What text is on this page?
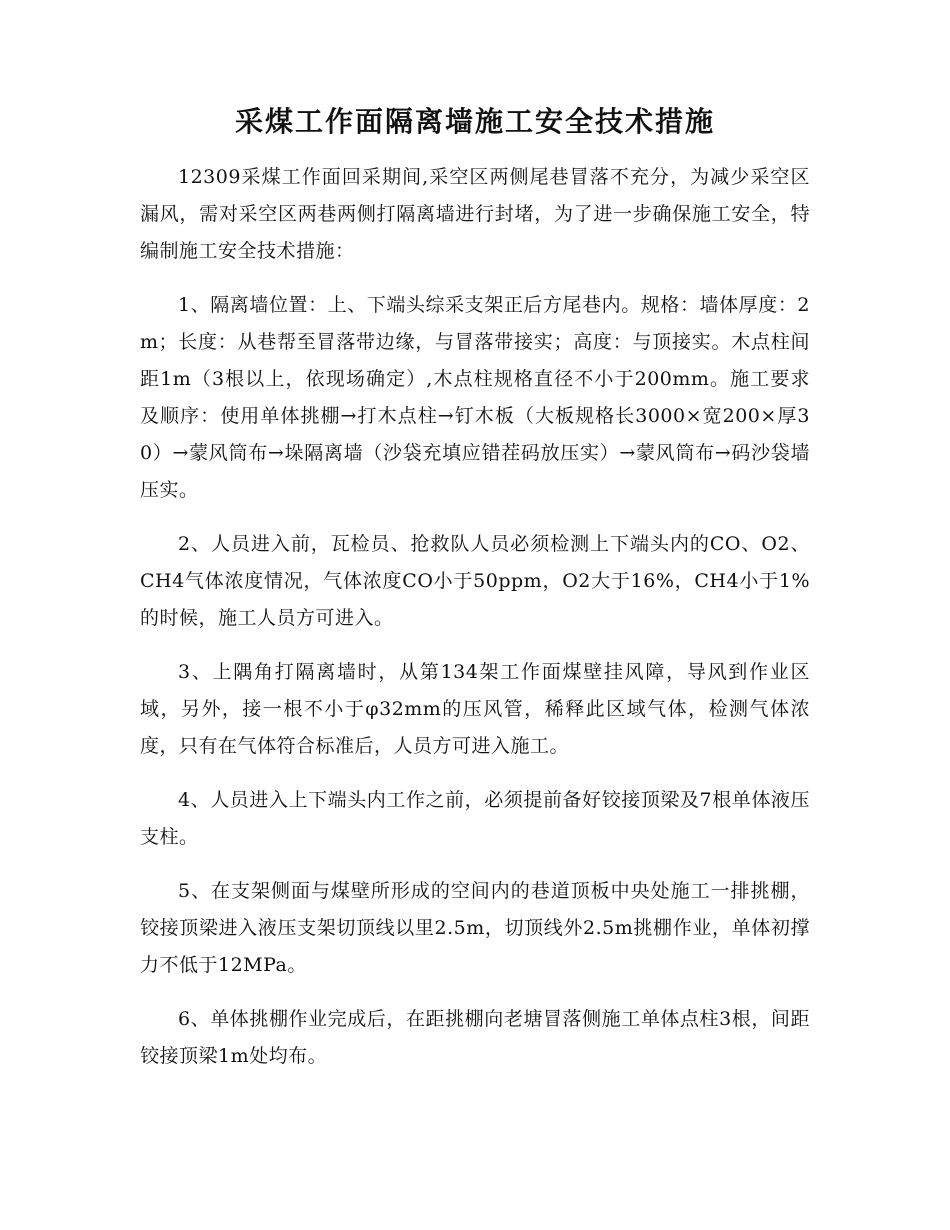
采煤工作面隔离墙施工安全技术措施

12309采煤工作面回采期间,采空区两侧尾巷冒落不充分，为减少采空区漏风，需对采空区两巷两侧打隔离墙进行封堵，为了进一步确保施工安全，特编制施工安全技术措施：

1、隔离墙位置：上、下端头综采支架正后方尾巷内。规格：墙体厚度：2m；长度：从巷帮至冒落带边缘，与冒落带接实；高度：与顶接实。木点柱间距1m（3根以上，依现场确定）,木点柱规格直径不小于200mm。施工要求及顺序：使用单体挑棚→打木点柱→钉木板（大板规格长3000×宽200×厚30）→蒙风筒布→垛隔离墙（沙袋充填应错茬码放压实）→蒙风筒布→码沙袋墙压实。

2、人员进入前，瓦检员、抢救队人员必须检测上下端头内的CO、O2、CH4气体浓度情况，气体浓度CO小于50ppm，O2大于16%，CH4小于1%的时候，施工人员方可进入。

3、上隅角打隔离墙时，从第134架工作面煤壁挂风障，导风到作业区域，另外，接一根不小于φ32mm的压风管，稀释此区域气体，检测气体浓度，只有在气体符合标准后，人员方可进入施工。

4、人员进入上下端头内工作之前，必须提前备好铰接顶梁及7根单体液压支柱。

5、在支架侧面与煤壁所形成的空间内的巷道顶板中央处施工一排挑棚，铰接顶梁进入液压支架切顶线以里2.5m，切顶线外2.5m挑棚作业，单体初撑力不低于12MPa。

6、单体挑棚作业完成后，在距挑棚向老塘冒落侧施工单体点柱3根，间距铰接顶梁1m处均布。
